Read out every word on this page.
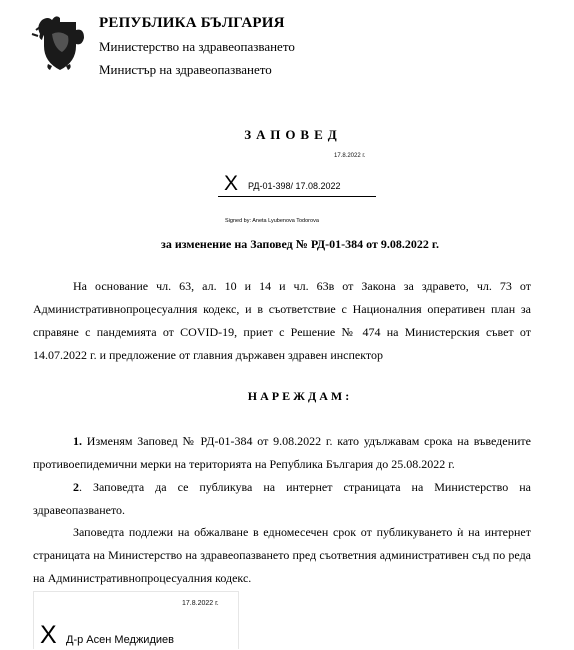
РЕПУБЛИКА БЪЛГАРИЯ
Министерство на здравеопазването
Министър на здравеопазването
ЗАПОВЕД
17.8.2022 г.
X РД-01-398/ 17.08.2022
Signed by: Aneta Lyubenova Todorova
за изменение на Заповед № РД-01-384 от 9.08.2022 г.
На основание чл. 63, ал. 10 и 14 и чл. 63в от Закона за здравето, чл. 73 от Административнопроцесуалния кодекс, и в съответствие с Националния оперативен план за справяне с пандемията от COVID-19, приет с Решение № 474 на Министерския съвет от 14.07.2022 г. и предложение от главния държавен здравен инспектор
НАРЕЖДАМ:
1. Изменям Заповед № РД-01-384 от 9.08.2022 г. като удължавам срока на въведените противоепидемични мерки на територията на Република България до 25.08.2022 г.
2. Заповедта да се публикува на интернет страницата на Министерство на здравеопазването.
Заповедта подлежи на обжалване в едномесечен срок от публикуването ѝ на интернет страницата на Министерство на здравеопазването пред съответния административен съд по реда на Административнопроцесуалния кодекс.
17.8.2022 г.
X Д-р Асен Меджидиев
